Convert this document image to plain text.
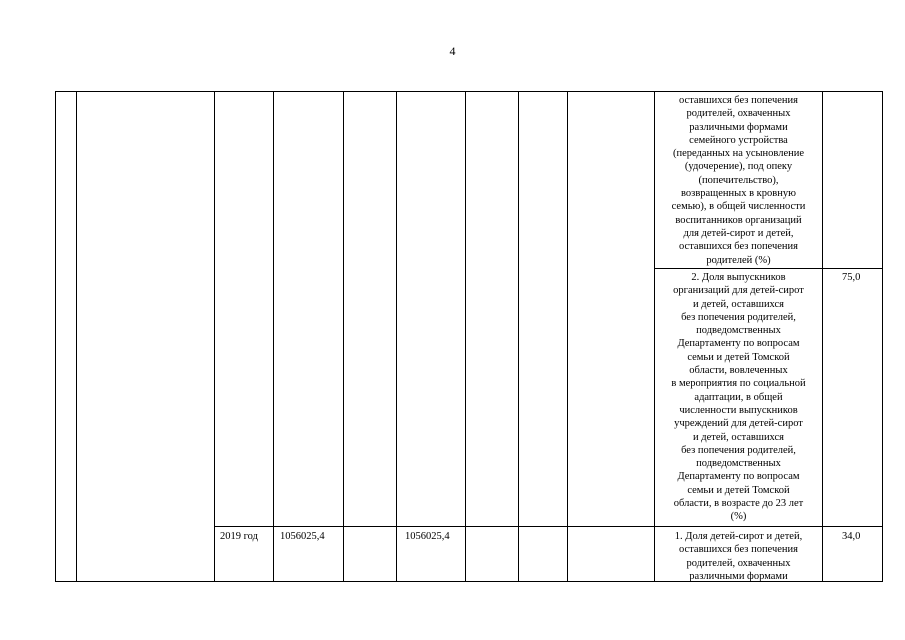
4
оставшихся без попечения
родителей, охваченных
различными формами
семейного устройства
(переданных на усыновление
(удочерение), под опеку
(попечительство),
возвращенных в кровную
семью), в общей численности
воспитанников организаций
для детей-сирот и детей,
оставшихся без попечения
родителей (%)
2. Доля выпускников
организаций для детей-сирот
и детей, оставшихся
без попечения родителей,
подведомственных
Департаменту по вопросам
семьи и детей Томской
области, вовлеченных
в мероприятия по социальной
адаптации, в общей
численности выпускников
учреждений для детей-сирот
и детей, оставшихся
без попечения родителей,
подведомственных
Департаменту по вопросам
семьи и детей Томской
области, в возрасте до 23 лет
(%)
75,0
2019 год 1056025,4	1056025,4	1. Доля детей-сирот и детей,
оставшихся без попечения
родителей, охваченных
различными формами
34,0
